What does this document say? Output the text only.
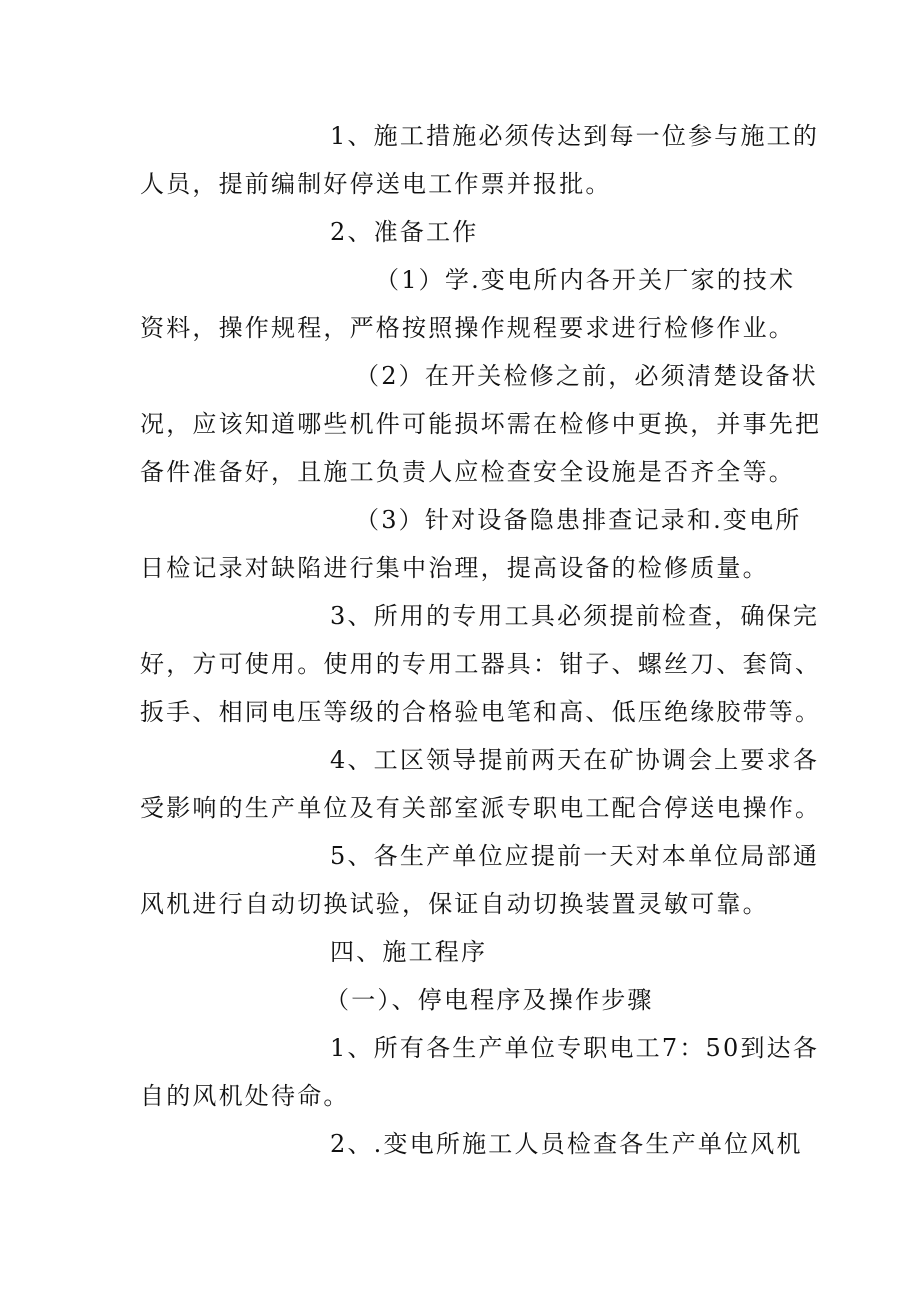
1、施工措施必须传达到每一位参与施工的
人员，提前编制好停送电工作票并报批。
2、准备工作
（1）学.变电所内各开关厂家的技术
资料，操作规程，严格按照操作规程要求进行检修作业。
（2）在开关检修之前，必须清楚设备状
况，应该知道哪些机件可能损坏需在检修中更换，并事先把
备件准备好，且施工负责人应检查安全设施是否齐全等。
（3）针对设备隐患排查记录和.变电所
日检记录对缺陷进行集中治理，提高设备的检修质量。
3、所用的专用工具必须提前检查，确保完
好，方可使用。使用的专用工器具：钳子、螺丝刀、套筒、
扳手、相同电压等级的合格验电笔和高、低压绝缘胶带等。
4、工区领导提前两天在矿协调会上要求各
受影响的生产单位及有关部室派专职电工配合停送电操作。
5、各生产单位应提前一天对本单位局部通
风机进行自动切换试验，保证自动切换装置灵敏可靠。
四、施工程序
（一）、停电程序及操作步骤
1、所有各生产单位专职电工7：50到达各
自的风机处待命。
2、.变电所施工人员检查各生产单位风机
